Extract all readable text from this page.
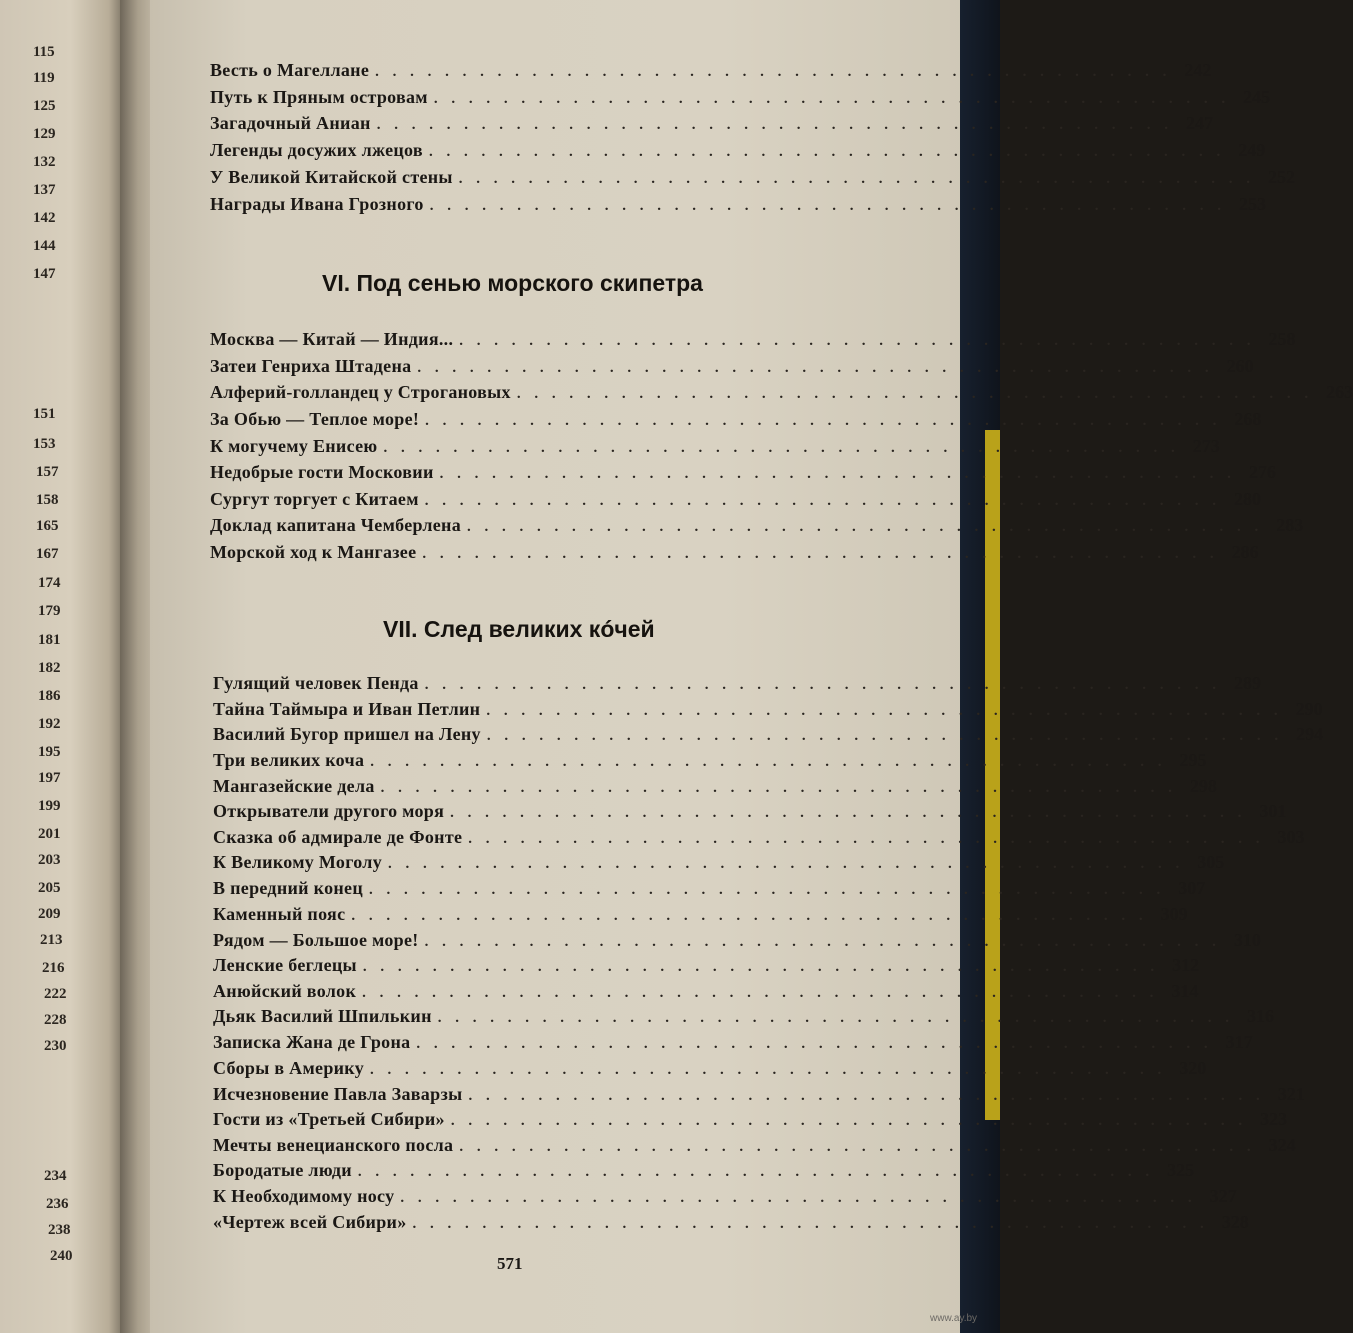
115
119
125
129
132
137
142
144
147
151
153
157
158
165
167
174
179
181
182
186
192
195
197
199
201
203
205
209
213
216
222
228
230
234
236
238
240
Весть о Магеллане . . . . . . . . . . . . . . . . . . . . . . . . . . . . . . . . . . . . . . . . . . . . . . 242
Путь к Пряным островам . . . . . . . . . . . . . . . . . . . . . . . . . . . . . . . . . . . . . . . . . . . . . . 245
Загадочный Аниан . . . . . . . . . . . . . . . . . . . . . . . . . . . . . . . . . . . . . . . . . . . . . . 247
Легенды досужих лжецов . . . . . . . . . . . . . . . . . . . . . . . . . . . . . . . . . . . . . . . . . . . . . . 249
У Великой Китайской стены . . . . . . . . . . . . . . . . . . . . . . . . . . . . . . . . . . . . . . . . . . . . . . 252
Награды Ивана Грозного . . . . . . . . . . . . . . . . . . . . . . . . . . . . . . . . . . . . . . . . . . . . . . 253
VI. Под сенью морского скипетра
Москва — Китай — Индия... . . . . . . . . . . . . . . . . . . . . . . . . . . . . . . . . . . . . . . . . . . . . . . 258
Затеи Генриха Штадена . . . . . . . . . . . . . . . . . . . . . . . . . . . . . . . . . . . . . . . . . . . . . . 260
Алферий-голландец у Строгановых . . . . . . . . . . . . . . . . . . . . . . . . . . . . . . . . . . . . . . . . . . . . . . 263
За Обью — Теплое море! . . . . . . . . . . . . . . . . . . . . . . . . . . . . . . . . . . . . . . . . . . . . . . 268
К могучему Енисею . . . . . . . . . . . . . . . . . . . . . . . . . . . . . . . . . . . . . . . . . . . . . . 273
Недобрые гости Московии . . . . . . . . . . . . . . . . . . . . . . . . . . . . . . . . . . . . . . . . . . . . . . 276
Сургут торгует с Китаем . . . . . . . . . . . . . . . . . . . . . . . . . . . . . . . . . . . . . . . . . . . . . . 280
Доклад капитана Чемберлена . . . . . . . . . . . . . . . . . . . . . . . . . . . . . . . . . . . . . . . . . . . . . . 283
Морской ход к Мангазее . . . . . . . . . . . . . . . . . . . . . . . . . . . . . . . . . . . . . . . . . . . . . . 286
VII. След великих кóчей
Гулящий человек Пенда . . . . . . . . . . . . . . . . . . . . . . . . . . . . . . . . . . . . . . . . . . . . . . 289
Тайна Таймыра и Иван Петлин . . . . . . . . . . . . . . . . . . . . . . . . . . . . . . . . . . . . . . . . . . . . . . 290
Василий Бугор пришел на Лену . . . . . . . . . . . . . . . . . . . . . . . . . . . . . . . . . . . . . . . . . . . . . . 294
Три великих коча . . . . . . . . . . . . . . . . . . . . . . . . . . . . . . . . . . . . . . . . . . . . . . 295
Мангазейские дела . . . . . . . . . . . . . . . . . . . . . . . . . . . . . . . . . . . . . . . . . . . . . . 298
Открыватели другого моря . . . . . . . . . . . . . . . . . . . . . . . . . . . . . . . . . . . . . . . . . . . . . . 301
Сказка об адмирале де Фонте . . . . . . . . . . . . . . . . . . . . . . . . . . . . . . . . . . . . . . . . . . . . . . 303
К Великому Моголу . . . . . . . . . . . . . . . . . . . . . . . . . . . . . . . . . . . . . . . . . . . . . . 305
В передний конец . . . . . . . . . . . . . . . . . . . . . . . . . . . . . . . . . . . . . . . . . . . . . . 307
Каменный пояс . . . . . . . . . . . . . . . . . . . . . . . . . . . . . . . . . . . . . . . . . . . . . . 309
Рядом — Большое море! . . . . . . . . . . . . . . . . . . . . . . . . . . . . . . . . . . . . . . . . . . . . . . 310
Ленские беглецы . . . . . . . . . . . . . . . . . . . . . . . . . . . . . . . . . . . . . . . . . . . . . . 312
Анюйский волок . . . . . . . . . . . . . . . . . . . . . . . . . . . . . . . . . . . . . . . . . . . . . . 314
Дьяк Василий Шпилькин . . . . . . . . . . . . . . . . . . . . . . . . . . . . . . . . . . . . . . . . . . . . . . 316
Записка Жана де Грона . . . . . . . . . . . . . . . . . . . . . . . . . . . . . . . . . . . . . . . . . . . . . . 317
Сборы в Америку . . . . . . . . . . . . . . . . . . . . . . . . . . . . . . . . . . . . . . . . . . . . . . 320
Исчезновение Павла Заварзы . . . . . . . . . . . . . . . . . . . . . . . . . . . . . . . . . . . . . . . . . . . . . . 321
Гости из «Третьей Сибири» . . . . . . . . . . . . . . . . . . . . . . . . . . . . . . . . . . . . . . . . . . . . . . 323
Мечты венецианского посла . . . . . . . . . . . . . . . . . . . . . . . . . . . . . . . . . . . . . . . . . . . . . . 324
Бородатые люди . . . . . . . . . . . . . . . . . . . . . . . . . . . . . . . . . . . . . . . . . . . . . . 325
К Необходимому носу . . . . . . . . . . . . . . . . . . . . . . . . . . . . . . . . . . . . . . . . . . . . . . 327
«Чертеж всей Сибири» . . . . . . . . . . . . . . . . . . . . . . . . . . . . . . . . . . . . . . . . . . . . . . 328
571
www.ay.by
